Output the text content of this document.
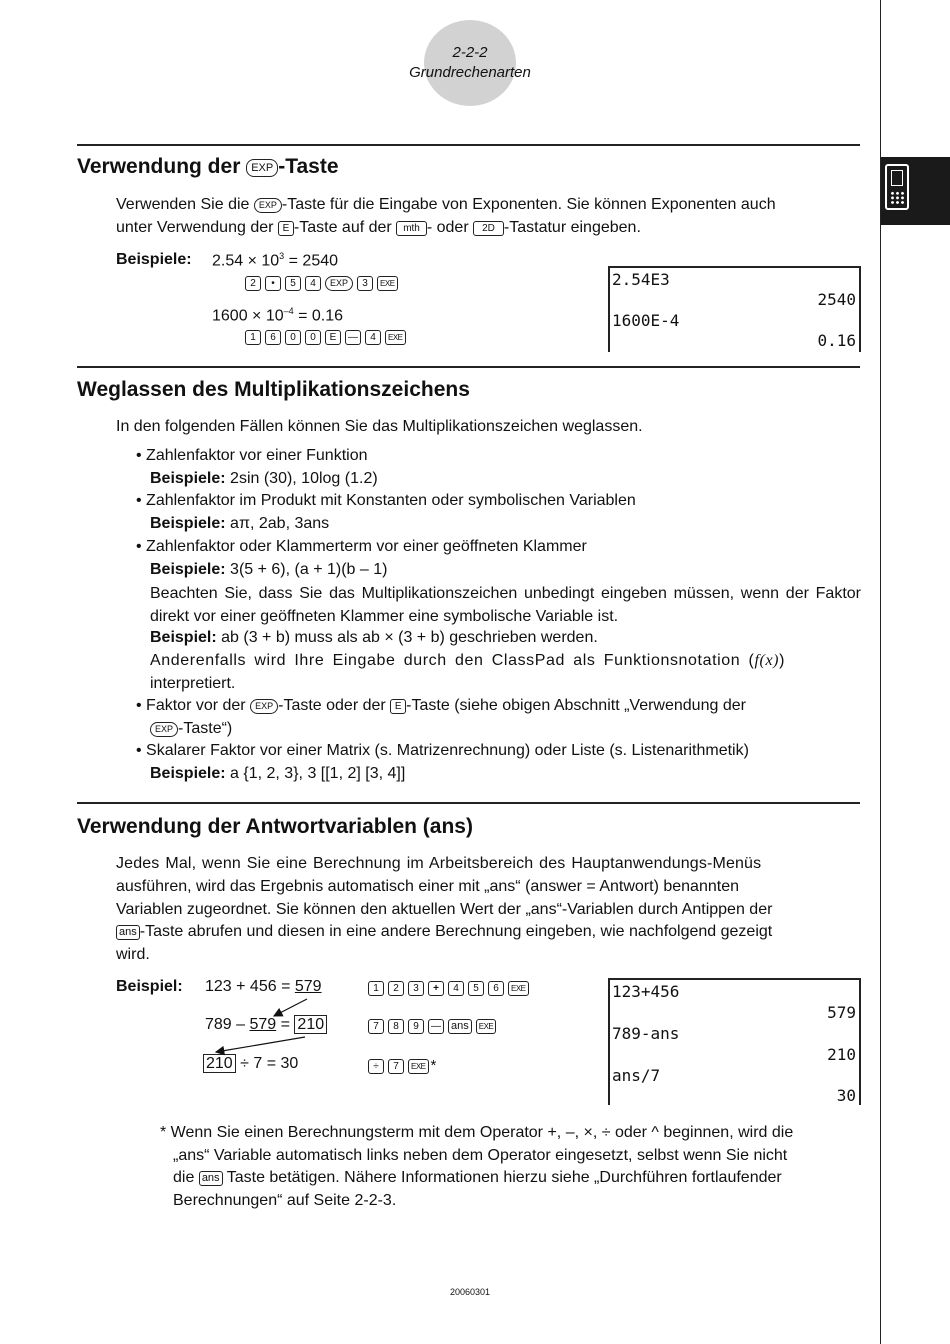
2-2-2
Grundrechenarten
Verwendung der EXP -Taste
Verwenden Sie die EXP -Taste für die Eingabe von Exponenten. Sie können Exponenten auch
unter Verwendung der E -Taste auf der mth - oder 2D -Tastatur eingeben.
Beispiele: $2.54 \times 10^3 = 2540$
2 • 5 4 EXP 3 EXE
$1600 \times 10^{-4} = 0.16$
1 6 0 0 E — 4 EXE
2.54E3
2540
1600E-4
0.16
Weglassen des Multiplikationszeichens
In den folgenden Fällen können Sie das Multiplikationszeichen weglassen.
• Zahlenfaktor vor einer Funktion
Beispiele: 2sin (30), 10log (1.2)
• Zahlenfaktor im Produkt mit Konstanten oder symbolischen Variablen
Beispiele: aπ, 2ab, 3ans
• Zahlenfaktor oder Klammerterm vor einer geöffneten Klammer
Beispiele: 3(5 + 6), (a + 1)(b – 1)
Beachten Sie, dass Sie das Multiplikationszeichen unbedingt eingeben müssen, wenn der Faktor direkt vor einer geöffneten Klammer eine symbolische Variable ist.
Beispiel: ab (3 + b) muss als ab × (3 + b) geschrieben werden.
Anderenfalls wird Ihre Eingabe durch den ClassPad als Funktionsnotation (f(x))
interpretiert.
• Faktor vor der EXP -Taste oder der E -Taste (siehe obigen Abschnitt „Verwendung der
EXP -Taste“)
• Skalarer Faktor vor einer Matrix (s. Matrizenrechnung) oder Liste (s. Listenarithmetik)
Beispiele: a {1, 2, 3}, 3 [[1, 2] [3, 4]]
Verwendung der Antwortvariablen (ans)
Jedes Mal, wenn Sie eine Berechnung im Arbeitsbereich des Hauptanwendungs-Menüs
ausführen, wird das Ergebnis automatisch einer mit „ans“ (answer = Antwort) benannten
Variablen zugeordnet. Sie können den aktuellen Wert der „ans“-Variablen durch Antippen der
ans -Taste abrufen und diesen in eine andere Berechnung eingeben, wie nachfolgend gezeigt
wird.
Beispiel: 123 + 456 = 579
789 – 579 = 210
210 ÷ 7 = 30
1 2 3 + 4 5 6 EXE
7 8 9 — ans EXE
÷ 7 EXE *
123+456
579
789-ans
210
ans/7
30
* Wenn Sie einen Berechnungsterm mit dem Operator +, –, ×, ÷ oder ^ beginnen, wird die
„ans“ Variable automatisch links neben dem Operator eingesetzt, selbst wenn Sie nicht
die ans Taste betätigen. Nähere Informationen hierzu siehe „Durchführen fortlaufender
Berechnungen“ auf Seite 2-2-3.
20060301
